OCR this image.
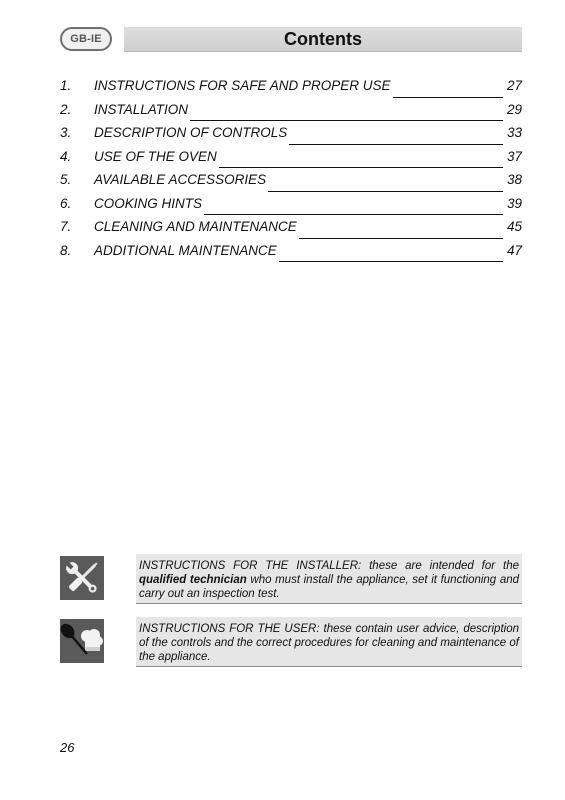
GB-IE	Contents
1.	INSTRUCTIONS FOR SAFE AND PROPER USE	27
2.	INSTALLATION	29
3.	DESCRIPTION OF CONTROLS	33
4.	USE OF THE OVEN	37
5.	AVAILABLE ACCESSORIES	38
6.	COOKING HINTS	39
7.	CLEANING AND MAINTENANCE	45
8.	ADDITIONAL MAINTENANCE	47
INSTRUCTIONS FOR THE INSTALLER: these are intended for the qualified technician who must install the appliance, set it functioning and carry out an inspection test.
INSTRUCTIONS FOR THE USER: these contain user advice, description of the controls and the correct procedures for cleaning and maintenance of the appliance.
26
